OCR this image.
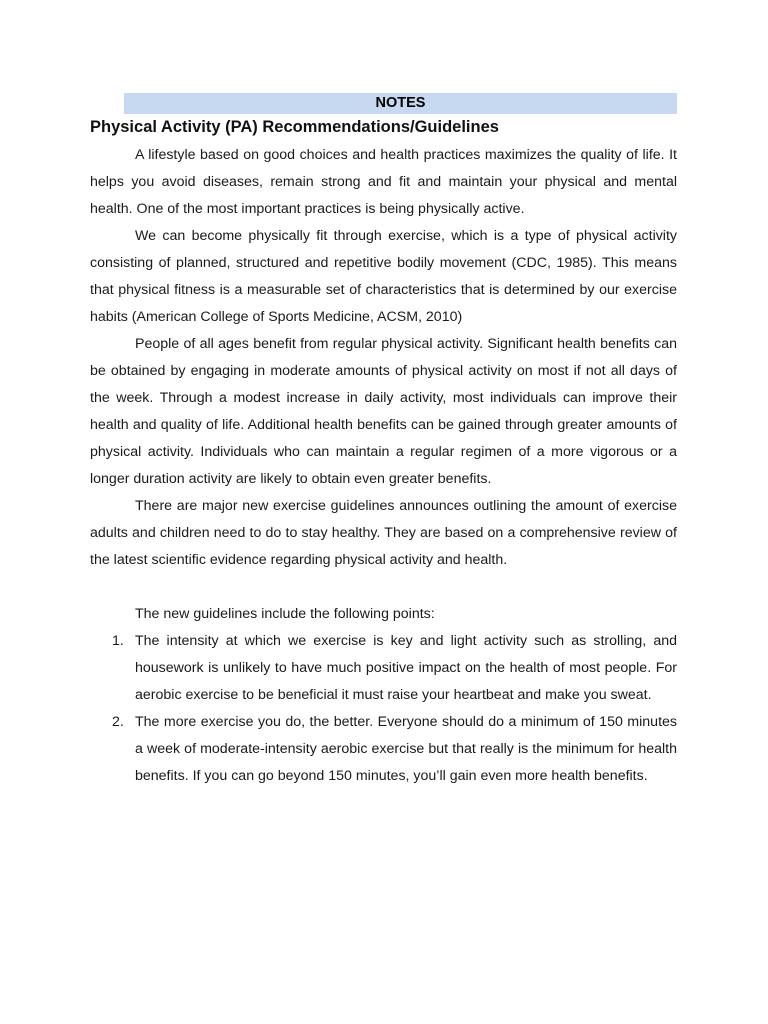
NOTES
Physical Activity (PA) Recommendations/Guidelines

A lifestyle based on good choices and health practices maximizes the quality of life. It helps you avoid diseases, remain strong and fit and maintain your physical and mental health. One of the most important practices is being physically active.

We can become physically fit through exercise, which is a type of physical activity consisting of planned, structured and repetitive bodily movement (CDC, 1985). This means that physical fitness is a measurable set of characteristics that is determined by our exercise habits (American College of Sports Medicine, ACSM, 2010)

People of all ages benefit from regular physical activity. Significant health benefits can be obtained by engaging in moderate amounts of physical activity on most if not all days of the week. Through a modest increase in daily activity, most individuals can improve their health and quality of life. Additional health benefits can be gained through greater amounts of physical activity. Individuals who can maintain a regular regimen of a more vigorous or a longer duration activity are likely to obtain even greater benefits.

There are major new exercise guidelines announces outlining the amount of exercise adults and children need to do to stay healthy. They are based on a comprehensive review of the latest scientific evidence regarding physical activity and health.

The new guidelines include the following points:

1. The intensity at which we exercise is key and light activity such as strolling, and housework is unlikely to have much positive impact on the health of most people. For aerobic exercise to be beneficial it must raise your heartbeat and make you sweat.
2. The more exercise you do, the better. Everyone should do a minimum of 150 minutes a week of moderate-intensity aerobic exercise but that really is the minimum for health benefits. If you can go beyond 150 minutes, you’ll gain even more health benefits.
